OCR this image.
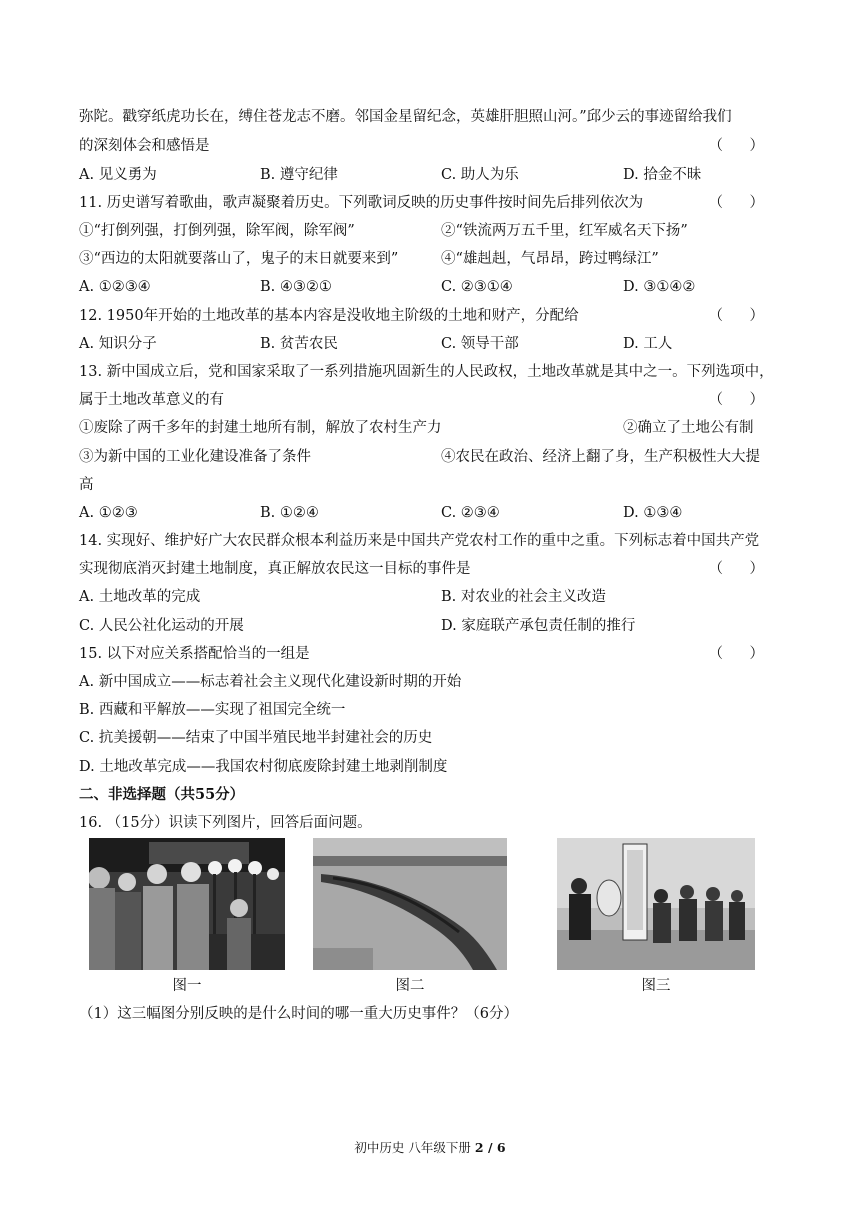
弥陀。戳穿纸虎功长在，缚住苍龙志不磨。邻国金星留纪念，英雄肝胆照山河。”邱少云的事迹留给我们
的深刻体会和感悟是	（　）
A. 见义勇为	B. 遵守纪律	C. 助人为乐	D. 拾金不昧
11. 历史谱写着歌曲，歌声凝聚着历史。下列歌词反映的历史事件按时间先后排列依次为	（　）
①“打倒列强，打倒列强，除军阀，除军阀”	②“铁流两万五千里，红军威名天下扬”
③“西边的太阳就要落山了，鬼子的末日就要来到”	④“雄赳赳，气昂昂，跨过鸭绿江”
A. ①②③④	B. ④③②①	C. ②③①④	D. ③①④②
12. 1950年开始的土地改革的基本内容是没收地主阶级的土地和财产，分配给	（　）
A. 知识分子	B. 贫苦农民	C. 领导干部	D. 工人
13. 新中国成立后，党和国家采取了一系列措施巩固新生的人民政权，土地改革就是其中之一。下列选项中，
属于土地改革意义的有	（　）
①废除了两千多年的封建土地所有制，解放了农村生产力	②确立了土地公有制
③为新中国的工业化建设准备了条件	④农民在政治、经济上翻了身，生产积极性大大提
高
A. ①②③	B. ①②④	C. ②③④	D. ①③④
14. 实现好、维护好广大农民群众根本利益历来是中国共产党农村工作的重中之重。下列标志着中国共产党
实现彻底消灭封建土地制度，真正解放农民这一目标的事件是	（　）
A. 土地改革的完成	B. 对农业的社会主义改造
C. 人民公社化运动的开展	D. 家庭联产承包责任制的推行
15. 以下对应关系搭配恰当的一组是	（　）
A. 新中国成立——标志着社会主义现代化建设新时期的开始
B. 西藏和平解放——实现了祖国完全统一
C. 抗美援朝——结束了中国半殖民地半封建社会的历史
D. 土地改革完成——我国农村彻底废除封建土地剥削制度
二、非选择题（共55分）
16. （15分）识读下列图片，回答后面问题。
图一	图二	图三
（1）这三幅图分别反映的是什么时间的哪一重大历史事件？（6分）
初中历史 八年级下册 2 / 6
